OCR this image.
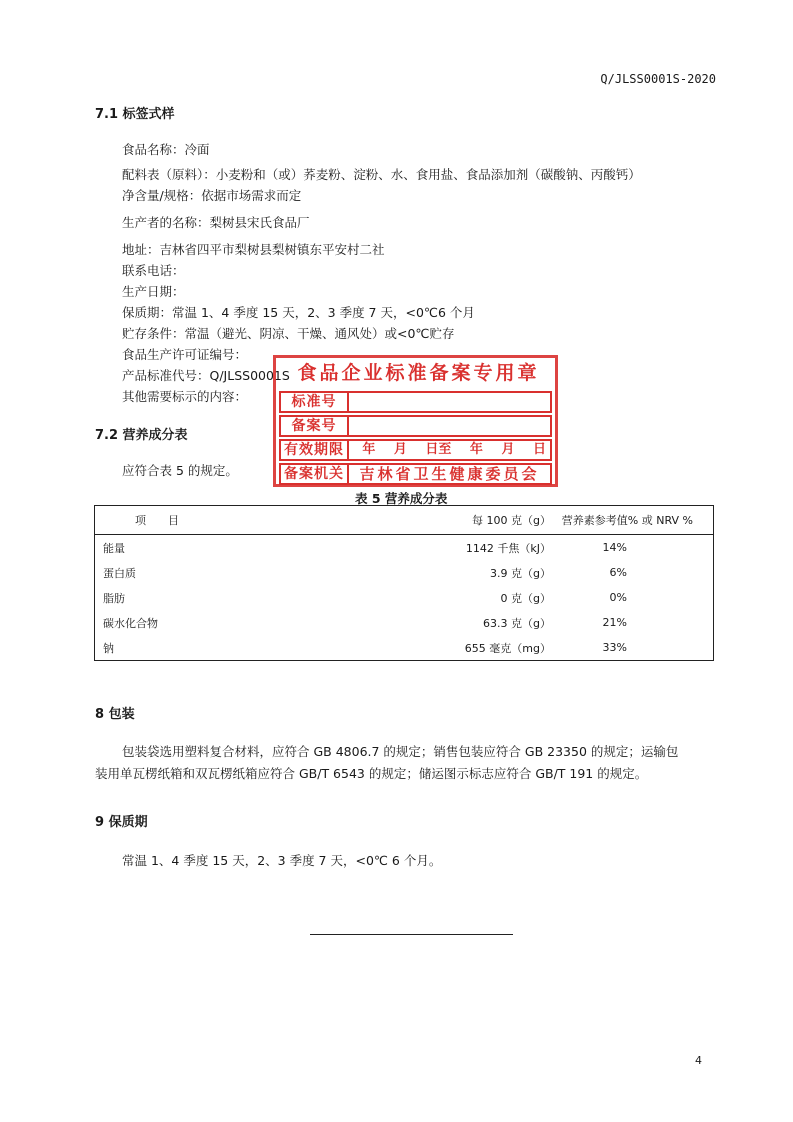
Q/JLSS0001S-2020
7.1 标签式样
食品名称：冷面
配料表（原料）：小麦粉和（或）荞麦粉、淀粉、水、食用盐、食品添加剂（碳酸钠、丙酸钙）
净含量/规格：依据市场需求而定
生产者的名称：梨树县宋氏食品厂
地址：吉林省四平市梨树县梨树镇东平安村二社
联系电话：
生产日期：
保质期：常温 1、4 季度 15 天，2、3 季度 7 天，<0℃6 个月
贮存条件：常温（避光、阴凉、干燥、通风处）或<0℃贮存
食品生产许可证编号：
产品标准代号：Q/JLSS0001S
其他需要标示的内容：
7.2 营养成分表
应符合表 5 的规定。
食品企业标准备案专用章
标准号
备案号
有效期限	年 月 日至 年 月 日
备案机关	吉林省卫生健康委员会
表 5 营养成分表
项　　目	每 100 克（g）	营养素参考值% 或 NRV %
能量	1142 千焦（kJ）	14%
蛋白质	3.9 克（g）	6%
脂肪	0 克（g）	0%
碳水化合物	63.3 克（g）	21%
钠	655 毫克（mg）	33%
8 包装
包装袋选用塑料复合材料，应符合 GB 4806.7 的规定；销售包装应符合 GB 23350 的规定；运输包
装用单瓦楞纸箱和双瓦楞纸箱应符合 GB/T 6543 的规定；储运图示标志应符合 GB/T 191 的规定。
9 保质期
常温 1、4 季度 15 天，2、3 季度 7 天，<0℃ 6 个月。
4
